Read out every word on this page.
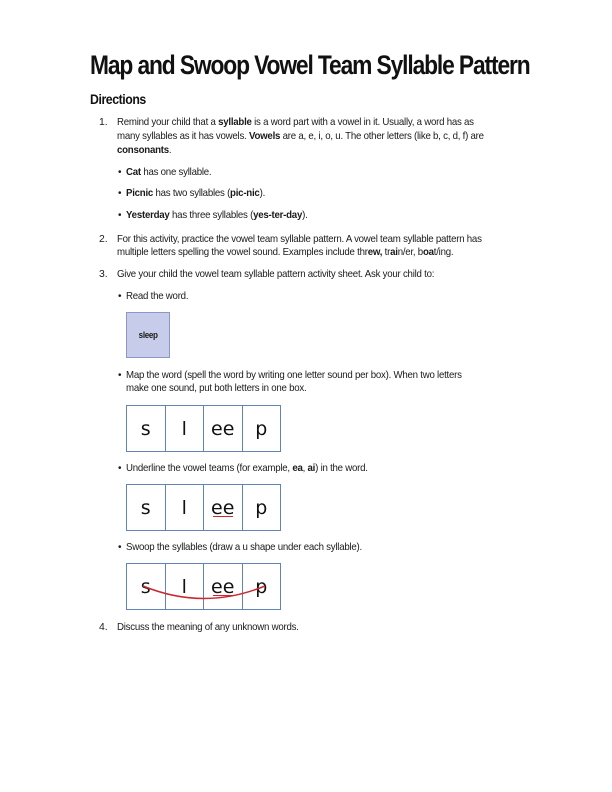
Map and Swoop Vowel Team Syllable Pattern
Directions
1. Remind your child that a syllable is a word part with a vowel in it. Usually, a word has as
many syllables as it has vowels. Vowels are a, e, i, o, u. The other letters (like b, c, d, f) are
consonants.
• Cat has one syllable.
• Picnic has two syllables (pic-nic).
• Yesterday has three syllables (yes-ter-day).
2. For this activity, practice the vowel team syllable pattern. A vowel team syllable pattern has
multiple letters spelling the vowel sound. Examples include threw, train/er, boat/ing.
3. Give your child the vowel team syllable pattern activity sheet. Ask your child to:
• Read the word.
sleep
• Map the word (spell the word by writing one letter sound per box). When two letters
make one sound, put both letters in one box.
s	l	ee	p
• Underline the vowel teams (for example, ea, ai) in the word.
s l ee p
• Swoop the syllables (draw a u shape under each syllable).
s l ee p
4. Discuss the meaning of any unknown words.
